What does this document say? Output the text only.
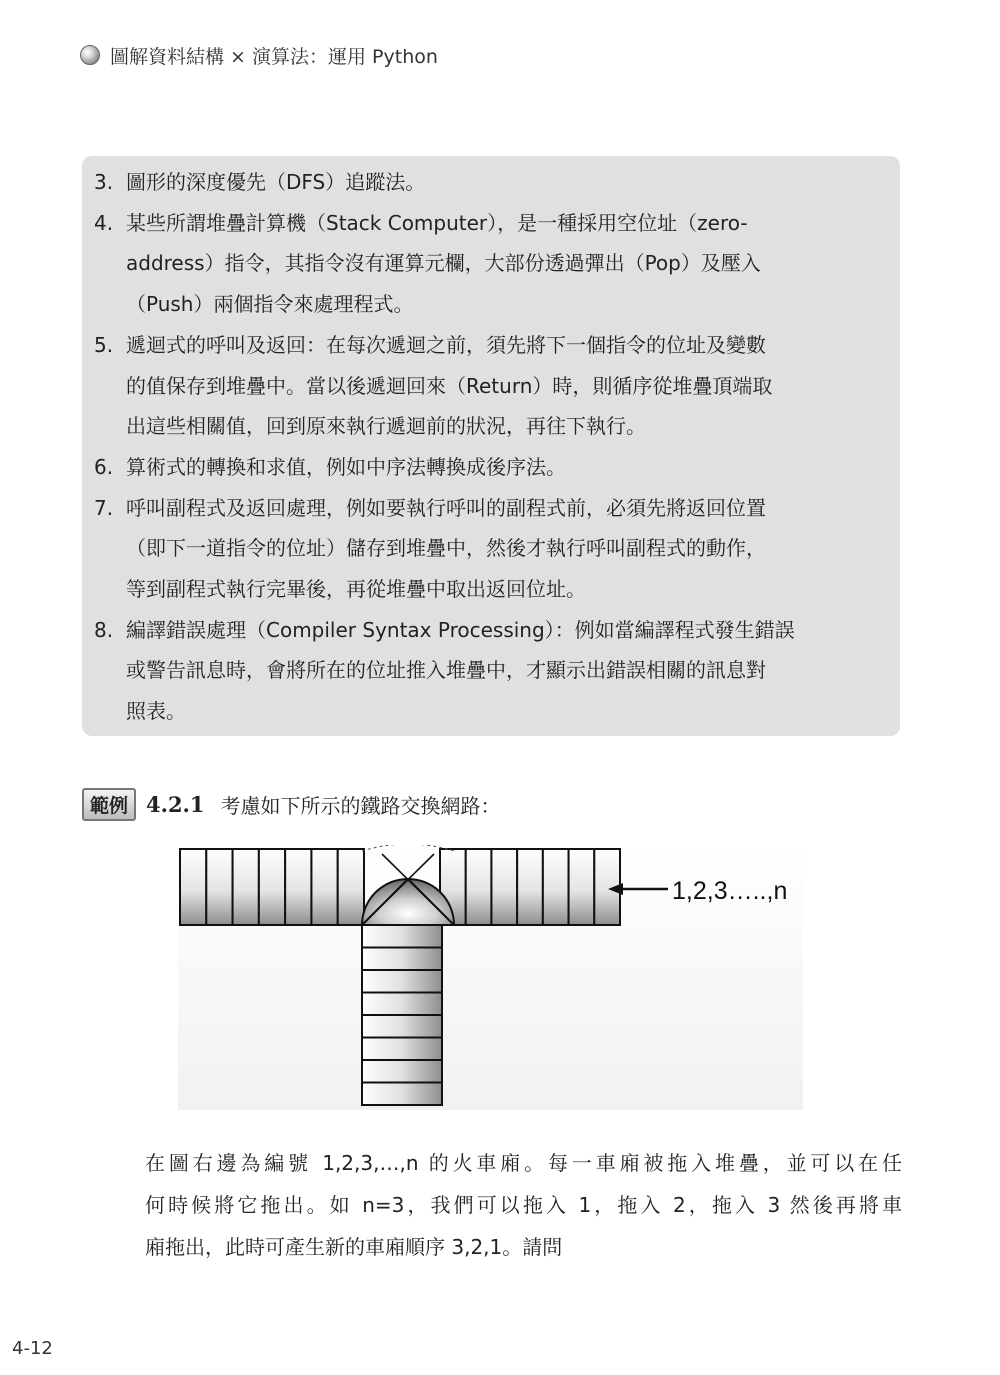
圖解資料結構 × 演算法：運用 Python
3. 圖形的深度優先（DFS）追蹤法。
4. 某些所謂堆疊計算機（Stack Computer），是一種採用空位址（zero-
address）指令，其指令沒有運算元欄，大部份透過彈出（Pop）及壓入
（Push）兩個指令來處理程式。
5. 遞迴式的呼叫及返回：在每次遞迴之前，須先將下一個指令的位址及變數
的值保存到堆疊中。當以後遞迴回來（Return）時，則循序從堆疊頂端取
出這些相關值，回到原來執行遞迴前的狀況，再往下執行。
6. 算術式的轉換和求值，例如中序法轉換成後序法。
7. 呼叫副程式及返回處理，例如要執行呼叫的副程式前，必須先將返回位置
（即下一道指令的位址）儲存到堆疊中，然後才執行呼叫副程式的動作，
等到副程式執行完畢後，再從堆疊中取出返回位址。
8. 編譯錯誤處理（Compiler Syntax Processing）：例如當編譯程式發生錯誤
或警告訊息時，會將所在的位址推入堆疊中，才顯示出錯誤相關的訊息對
照表。
範例 4.2.1 考慮如下所示的鐵路交換網路：
1,2,3…..,n
在圖右邊為編號 1,2,3,…,n 的火車廂。每一車廂被拖入堆疊，並可以在任
何時候將它拖出。如 n=3，我們可以拖入 1，拖入 2，拖入 3 然後再將車
廂拖出，此時可產生新的車廂順序 3,2,1。請問
4-12
